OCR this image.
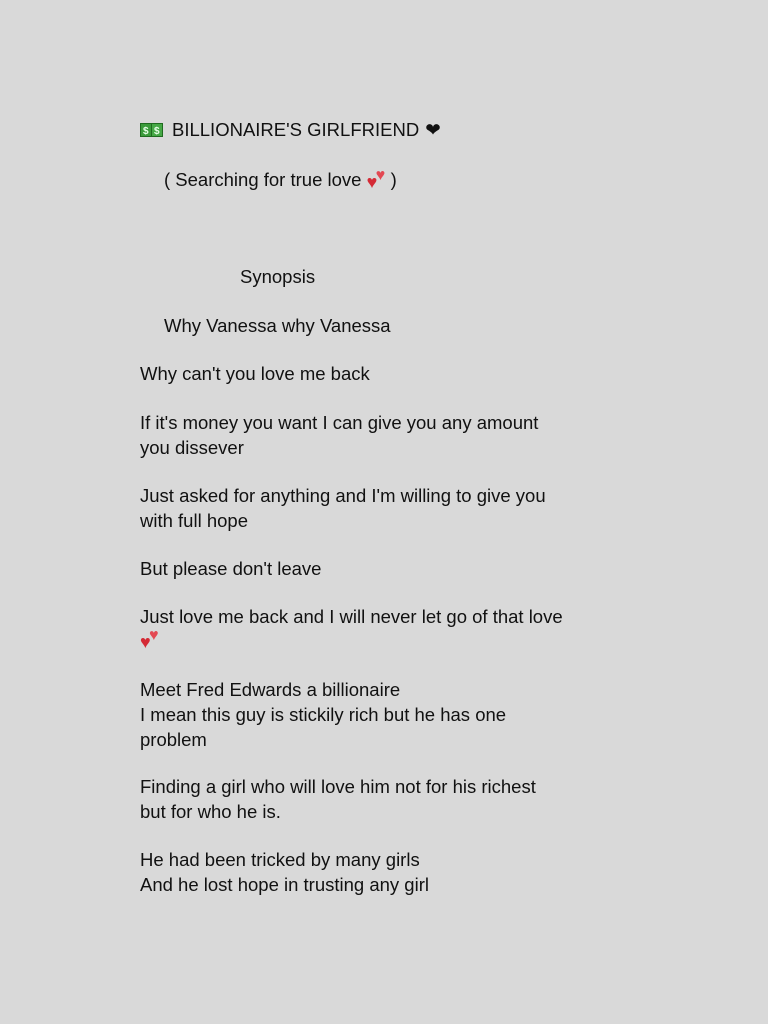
$
$
BILLIONAIRE'S GIRLFRIEND ❤

( Searching for true love ♥
♥ )

Synopsis

Why Vanessa why Vanessa

Why can't you love me back

If it's money you want I can give you any amount
you dissever

Just asked for anything and I'm willing to give you
with full hope

But please don't leave

Just love me back and I will never let go of that love
♥
♥

Meet Fred Edwards a billionaire
I mean this guy is stickily rich but he has one
problem

Finding a girl who will love him not for his richest
but for who he is.

He had been tricked by many girls
And he lost hope in trusting any girl
